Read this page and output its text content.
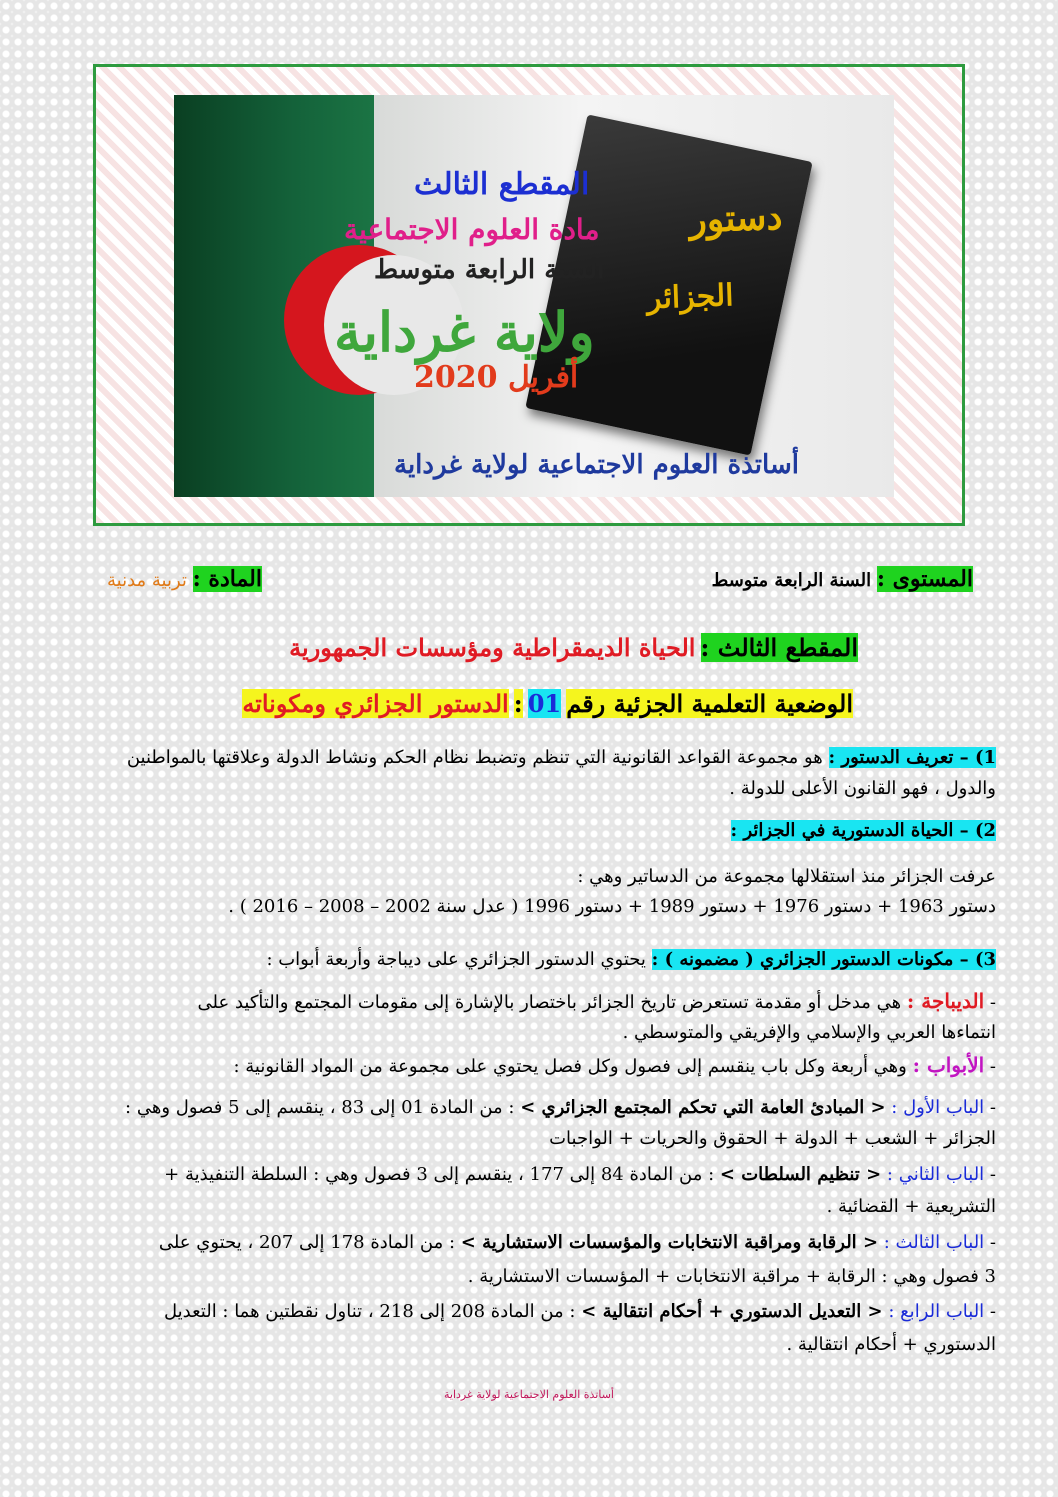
دستور
الجزائر
المقطع الثالث
مادة العلوم الاجتماعية
السنة الرابعة متوسط
ولاية غرداية
أفريل 2020
أساتذة العلوم الاجتماعية لولاية غرداية
المستوى : السنة الرابعة متوسط
المادة : تربية مدنية
المقطع الثالث : الحياة الديمقراطية ومؤسسات الجمهورية
الوضعية التعلمية الجزئية رقم 01 : الدستور الجزائري ومكوناته
1) – تعريف الدستور : هو مجموعة القواعد القانونية التي تنظم وتضبط نظام الحكم ونشاط الدولة وعلاقتها بالمواطنين
والدول ، فهو القانون الأعلى للدولة .
2) – الحياة الدستورية في الجزائر :
عرفت الجزائر منذ استقلالها مجموعة من الدساتير وهي :
دستور 1963 + دستور 1976 + دستور 1989 + دستور 1996 ( عدل سنة 2002 – 2008 – 2016 ) .
3) – مكونات الدستور الجزائري ( مضمونه ) : يحتوي الدستور الجزائري على ديباجة وأربعة أبواب :
- الديباجة : هي مدخل أو مقدمة تستعرض تاريخ الجزائر باختصار بالإشارة إلى مقومات المجتمع والتأكيد على
انتماءها العربي والإسلامي والإفريقي والمتوسطي .
- الأبواب : وهي أربعة وكل باب ينقسم إلى فصول وكل فصل يحتوي على مجموعة من المواد القانونية :
- الباب الأول : < المبادئ العامة التي تحكم المجتمع الجزائري > : من المادة 01 إلى 83 ، ينقسم إلى 5 فصول وهي :
الجزائر + الشعب + الدولة + الحقوق والحريات + الواجبات
- الباب الثاني : < تنظيم السلطات > : من المادة 84 إلى 177 ، ينقسم إلى 3 فصول وهي : السلطة التنفيذية +
التشريعية + القضائية .
- الباب الثالث : < الرقابة ومراقبة الانتخابات والمؤسسات الاستشارية > : من المادة 178 إلى 207 ، يحتوي على
3 فصول وهي : الرقابة + مراقبة الانتخابات + المؤسسات الاستشارية .
- الباب الرابع : < التعديل الدستوري + أحكام انتقالية > : من المادة 208 إلى 218 ، تناول نقطتين هما : التعديل
الدستوري + أحكام انتقالية .
أساتذة العلوم الاجتماعية لولاية غرداية
